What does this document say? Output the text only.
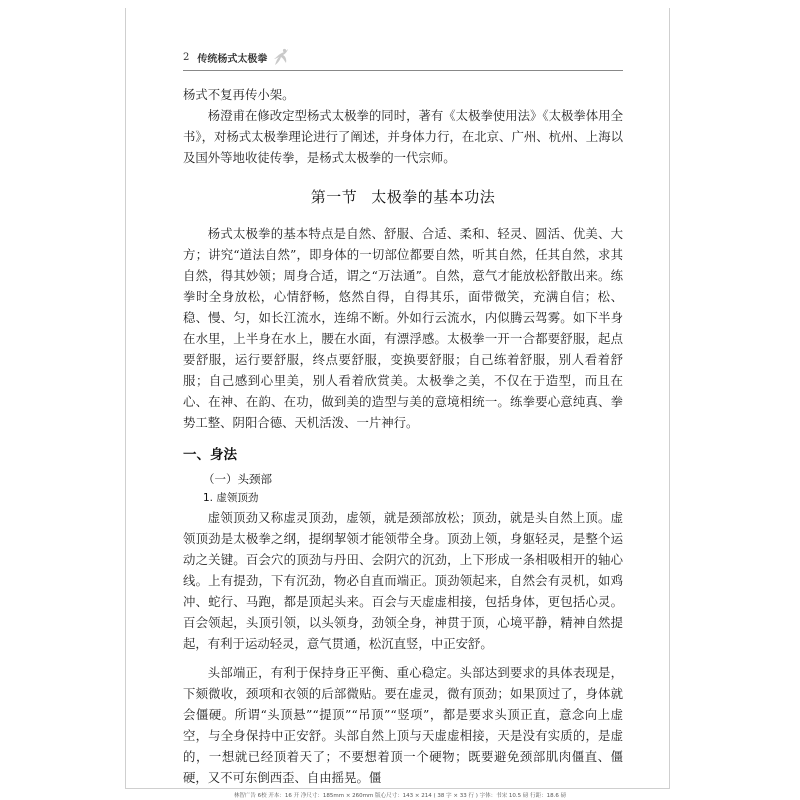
2 传统杨式太极拳

杨式不复再传小架。

杨澄甫在修改定型杨式太极拳的同时，著有《太极拳使用法》《太极拳体用全书》，对杨式太极拳理论进行了阐述，并身体力行，在北京、广州、杭州、上海以及国外等地收徒传拳，是杨式太极拳的一代宗师。

第一节 太极拳的基本功法

杨式太极拳的基本特点是自然、舒服、合适、柔和、轻灵、圆活、优美、大方；讲究“道法自然”，即身体的一切部位都要自然，听其自然，任其自然，求其自然，得其妙领；周身合适，谓之“万法通”。自然，意气才能放松舒散出来。练拳时全身放松，心情舒畅，悠然自得，自得其乐，面带微笑，充满自信；松、稳、慢、匀，如长江流水，连绵不断。外如行云流水，内似腾云驾雾。如下半身在水里，上半身在水上，腰在水面，有漂浮感。太极拳一开一合都要舒服，起点要舒服，运行要舒服，终点要舒服，变换要舒服；自己练着舒服，别人看着舒服；自己感到心里美，别人看着欣赏美。太极拳之美，不仅在于造型，而且在心、在神、在韵、在功，做到美的造型与美的意境相统一。练拳要心意纯真、拳势工整、阴阳合德、天机活泼、一片神行。

一、身法
（一）头颈部
1. 虚领顶劲

虚领顶劲又称虚灵顶劲，虚领，就是颈部放松；顶劲，就是头自然上顶。虚领顶劲是太极拳之纲，提纲挈领才能领带全身。顶劲上领，身躯轻灵，是整个运动之关键。百会穴的顶劲与丹田、会阴穴的沉劲，上下形成一条相吸相开的轴心线。上有提劲，下有沉劲，物必自直而端正。顶劲领起来，自然会有灵机，如鸡冲、蛇行、马跑，都是顶起头来。百会与天虚虚相接，包括身体，更包括心灵。百会领起，头顶引领，以头领身，劲领全身，神贯于顶，心境平静，精神自然提起，有利于运动轻灵，意气贯通，松沉直竖，中正安舒。

头部端正，有利于保持身正平衡、重心稳定。头部达到要求的具体表现是，下颏微收，颈项和衣领的后部微贴。要在虚灵，微有顶劲；如果顶过了，身体就会僵硬。所谓“头顶悬”“提顶”“吊顶”“竖项”，都是要求头顶正直，意念向上虚空，与全身保持中正安舒。头部自然上顶与天虚虚相接，天是没有实质的，是虚的，一想就已经顶着天了；不要想着顶一个硬物；既要避免颈部肌肉僵直、僵硬，又不可东倒西歪、自由摇晃。僵

林智广告 6校 开本：16 开 净尺寸：185mm × 260mm 版心尺寸：143 × 214 ( 38 字 × 33 行 ) 字体：书宋 10.5 磅 行距：18.6 磅
